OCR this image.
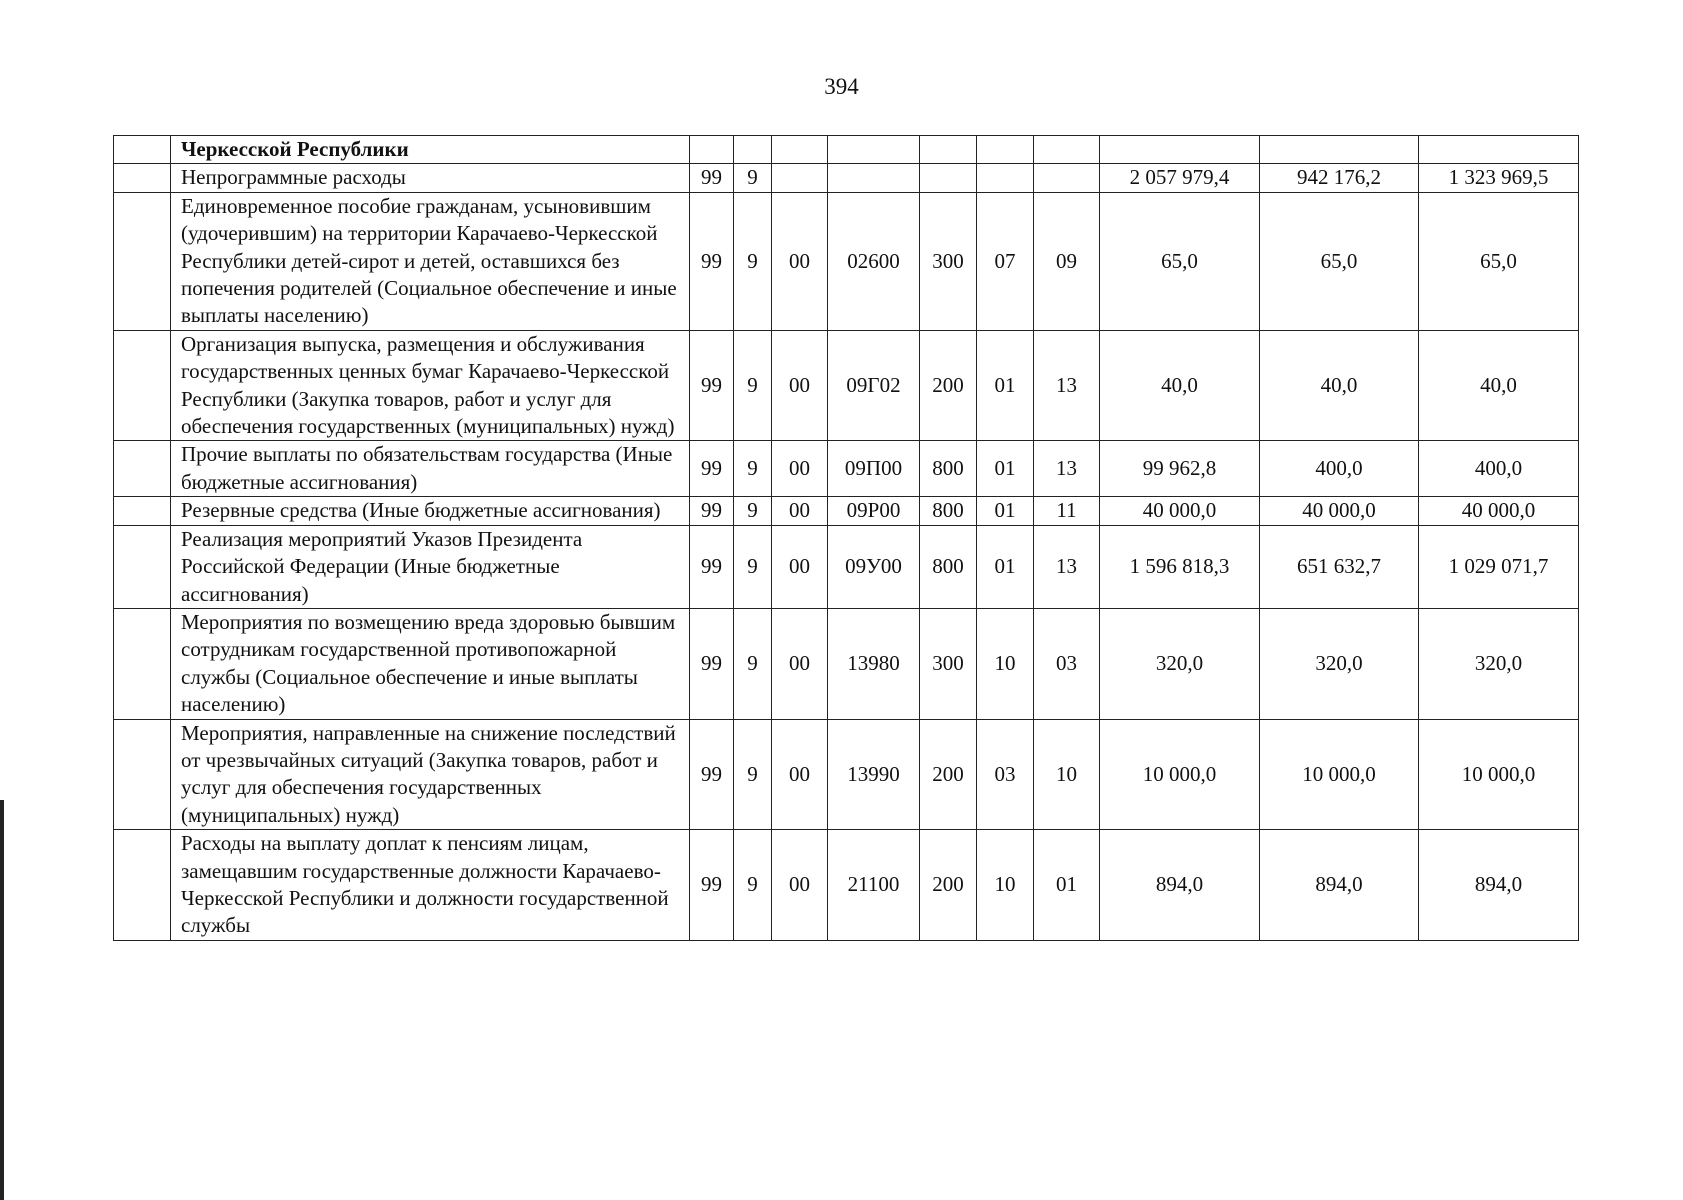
394
	Черкесской Республики										
	Непрограммные расходы	99	9						2 057 979,4	942 176,2	1 323 969,5
	Единовременное пособие гражданам, усыновившим (удочерившим) на территории Карачаево-Черкесской Республики детей-сирот и детей, оставшихся без попечения родителей (Социальное обеспечение и иные выплаты населению)	99	9	00	02600	300	07	09	65,0	65,0	65,0
	Организация выпуска, размещения и обслуживания государственных ценных бумаг Карачаево-Черкесской Республики (Закупка товаров, работ и услуг для обеспечения государственных (муниципальных) нужд)	99	9	00	09Г02	200	01	13	40,0	40,0	40,0
	Прочие выплаты по обязательствам государства (Иные бюджетные ассигнования)	99	9	00	09П00	800	01	13	99 962,8	400,0	400,0
	Резервные средства (Иные бюджетные ассигнования)	99	9	00	09Р00	800	01	11	40 000,0	40 000,0	40 000,0
	Реализация мероприятий Указов Президента Российской Федерации (Иные бюджетные ассигнования)	99	9	00	09У00	800	01	13	1 596 818,3	651 632,7	1 029 071,7
	Мероприятия по возмещению вреда здоровью бывшим сотрудникам государственной противопожарной службы (Социальное обеспечение и иные выплаты населению)	99	9	00	13980	300	10	03	320,0	320,0	320,0
	Мероприятия, направленные на снижение последствий от чрезвычайных ситуаций (Закупка товаров, работ и услуг для обеспечения государственных (муниципальных) нужд)	99	9	00	13990	200	03	10	10 000,0	10 000,0	10 000,0
	Расходы на выплату доплат к пенсиям лицам, замещавшим государственные должности Карачаево-Черкесской Республики и должности государственной службы	99	9	00	21100	200	10	01	894,0	894,0	894,0
